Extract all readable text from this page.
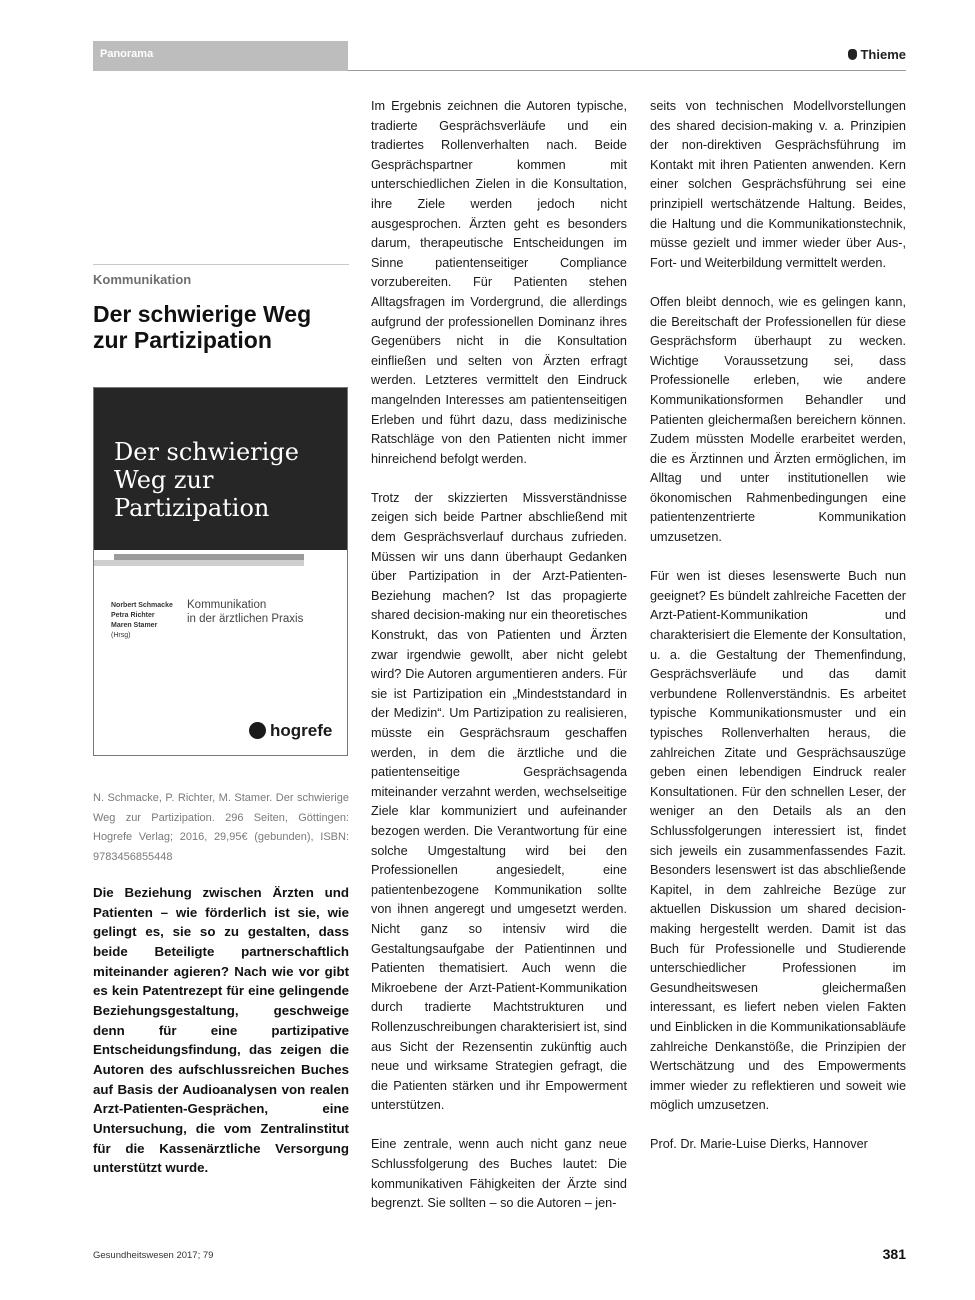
Panorama	Thieme
Kommunikation
Der schwierige Weg zur Partizipation
Der schwierige Weg zur Partizipation
Norbert Schmacke
Petra Richter
Maren Stamer
(Hrsg)
Kommunikation
in der ärztlichen Praxis
hogrefe
N. Schmacke, P. Richter, M. Stamer. Der schwierige Weg zur Partizipation. 296 Seiten, Göttingen: Hogrefe Verlag; 2016, 29,95€ (gebunden), ISBN: 9783456855448
Die Beziehung zwischen Ärzten und Patienten – wie förderlich ist sie, wie gelingt es, sie so zu gestalten, dass beide Beteiligte partnerschaftlich miteinander agieren? Nach wie vor gibt es kein Patentrezept für eine gelingende Beziehungsgestaltung, geschweige denn für eine partizipative Entscheidungsfindung, das zeigen die Autoren des aufschlussreichen Buches auf Basis der Audioanalysen von realen Arzt-Patienten-Gesprächen, eine Untersuchung, die vom Zentralinstitut für die Kassenärztliche Versorgung unterstützt wurde.

Im Ergebnis zeichnen die Autoren typische, tradierte Gesprächsverläufe und ein tradiertes Rollenverhalten nach. Beide Gesprächspartner kommen mit unterschiedlichen Zielen in die Konsultation, ihre Ziele werden jedoch nicht ausgesprochen. Ärzten geht es besonders darum, therapeutische Entscheidungen im Sinne patientenseitiger Compliance vorzubereiten. Für Patienten stehen Alltagsfragen im Vordergrund, die allerdings aufgrund der professionellen Dominanz ihres Gegenübers nicht in die Konsultation einfließen und selten von Ärzten erfragt werden. Letzteres vermittelt den Eindruck mangelnden Interesses am patientenseitigen Erleben und führt dazu, dass medizinische Ratschläge von den Patienten nicht immer hinreichend befolgt werden.

Trotz der skizzierten Missverständnisse zeigen sich beide Partner abschließend mit dem Gesprächsverlauf durchaus zufrieden. Müssen wir uns dann überhaupt Gedanken über Partizipation in der Arzt-Patienten-Beziehung machen? Ist das propagierte shared decision-making nur ein theoretisches Konstrukt, das von Patienten und Ärzten zwar irgendwie gewollt, aber nicht gelebt wird? Die Autoren argumentieren anders. Für sie ist Partizipation ein „Mindeststandard in der Medizin“. Um Partizipation zu realisieren, müsste ein Gesprächsraum geschaffen werden, in dem die ärztliche und die patientenseitige Gesprächsagenda miteinander verzahnt werden, wechselseitige Ziele klar kommuniziert und aufeinander bezogen werden. Die Verantwortung für eine solche Umgestaltung wird bei den Professionellen angesiedelt, eine patientenbezogene Kommunikation sollte von ihnen angeregt und umgesetzt werden. Nicht ganz so intensiv wird die Gestaltungsaufgabe der Patientinnen und Patienten thematisiert. Auch wenn die Mikroebene der Arzt-Patient-Kommunikation durch tradierte Machtstrukturen und Rollenzuschreibungen charakterisiert ist, sind aus Sicht der Rezensentin zukünftig auch neue und wirksame Strategien gefragt, die die Patienten stärken und ihr Empowerment unterstützen.

Eine zentrale, wenn auch nicht ganz neue Schlussfolgerung des Buches lautet: Die kommunikativen Fähigkeiten der Ärzte sind begrenzt. Sie sollten – so die Autoren – jen-

seits von technischen Modellvorstellungen des shared decision-making v. a. Prinzipien der non-direktiven Gesprächsführung im Kontakt mit ihren Patienten anwenden. Kern einer solchen Gesprächsführung sei eine prinzipiell wertschätzende Haltung. Beides, die Haltung und die Kommunikationstechnik, müsse gezielt und immer wieder über Aus-, Fort- und Weiterbildung vermittelt werden.

Offen bleibt dennoch, wie es gelingen kann, die Bereitschaft der Professionellen für diese Gesprächsform überhaupt zu wecken. Wichtige Voraussetzung sei, dass Professionelle erleben, wie andere Kommunikationsformen Behandler und Patienten gleichermaßen bereichern können. Zudem müssten Modelle erarbeitet werden, die es Ärztinnen und Ärzten ermöglichen, im Alltag und unter institutionellen wie ökonomischen Rahmenbedingungen eine patientenzentrierte Kommunikation umzusetzen.

Für wen ist dieses lesenswerte Buch nun geeignet? Es bündelt zahlreiche Facetten der Arzt-Patient-Kommunikation und charakterisiert die Elemente der Konsultation, u. a. die Gestaltung der Themenfindung, Gesprächsverläufe und das damit verbundene Rollenverständnis. Es arbeitet typische Kommunikationsmuster und ein typisches Rollenverhalten heraus, die zahlreichen Zitate und Gesprächsauszüge geben einen lebendigen Eindruck realer Konsultationen. Für den schnellen Leser, der weniger an den Details als an den Schlussfolgerungen interessiert ist, findet sich jeweils ein zusammenfassendes Fazit. Besonders lesenswert ist das abschließende Kapitel, in dem zahlreiche Bezüge zur aktuellen Diskussion um shared decision-making hergestellt werden. Damit ist das Buch für Professionelle und Studierende unterschiedlicher Professionen im Gesundheitswesen gleichermaßen interessant, es liefert neben vielen Fakten und Einblicken in die Kommunikationsabläufe zahlreiche Denkanstöße, die Prinzipien der Wertschätzung und des Empowerments immer wieder zu reflektieren und soweit wie möglich umzusetzen.

Prof. Dr. Marie-Luise Dierks, Hannover

Gesundheitswesen 2017; 79	381
